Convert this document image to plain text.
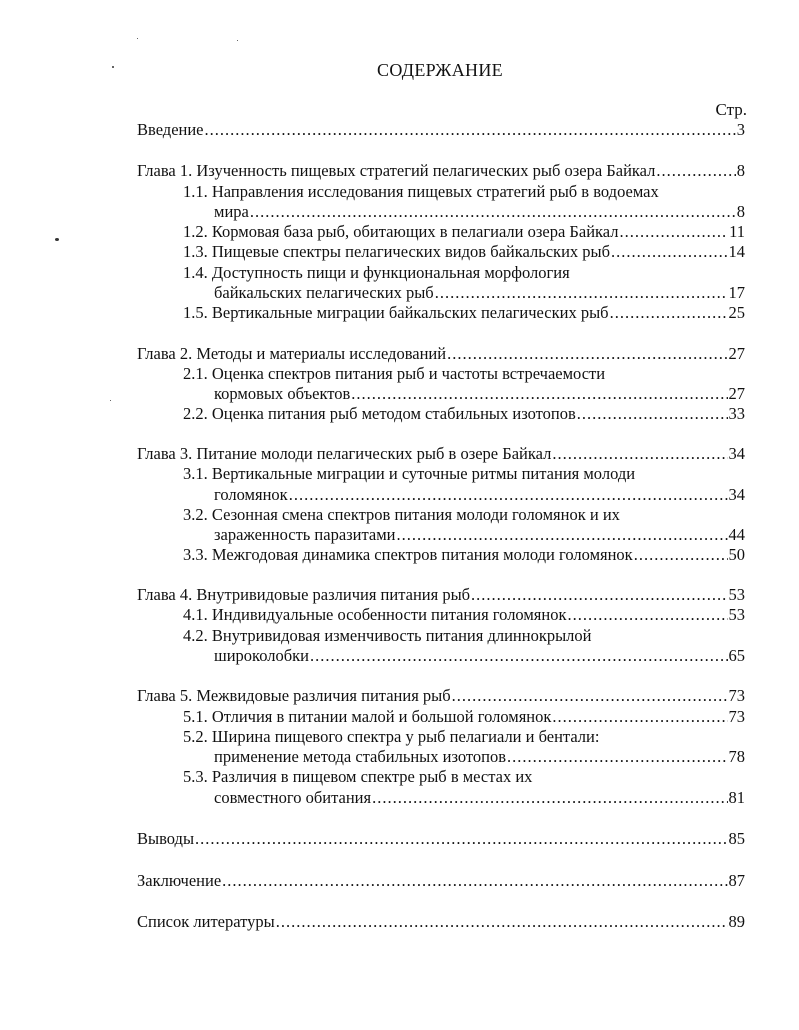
СОДЕРЖАНИЕ
Стр.
Введение .....	3
Глава 1. Изученность пищевых стратегий пелагических рыб озера Байкал .....	8
1.1. Направления исследования пищевых стратегий рыб в водоемах
мира .....	8
1.2. Кормовая база рыб, обитающих в пелагиали озера Байкал .....	11
1.3. Пищевые спектры пелагических видов байкальских рыб .....	14
1.4. Доступность пищи и функциональная морфология
байкальских пелагических рыб .....	17
1.5. Вертикальные миграции байкальских пелагических рыб .....	25
Глава 2. Методы и материалы исследований .....	27
2.1. Оценка спектров питания рыб и частоты встречаемости
кормовых объектов .....	27
2.2. Оценка питания рыб методом стабильных изотопов .....	33
Глава 3. Питание молоди пелагических рыб в озере Байкал .....	34
3.1. Вертикальные миграции и суточные ритмы питания молоди
голомянок .....	34
3.2. Сезонная смена спектров питания молоди голомянок и их
зараженность паразитами .....	44
3.3. Межгодовая динамика спектров питания молоди голомянок .....	50
Глава 4. Внутривидовые различия питания рыб .....	53
4.1. Индивидуальные особенности питания голомянок .....	53
4.2. Внутривидовая изменчивость питания длиннокрылой
широколобки .....	65
Глава 5. Межвидовые различия питания рыб .....	73
5.1. Отличия в питании малой и большой голомянок .....	73
5.2. Ширина пищевого спектра у рыб пелагиали и бентали:
применение метода стабильных изотопов .....	78
5.3. Различия в пищевом спектре рыб в местах их
совместного обитания .....	81
Выводы .....	85
Заключение .....	87
Список литературы .....	89
